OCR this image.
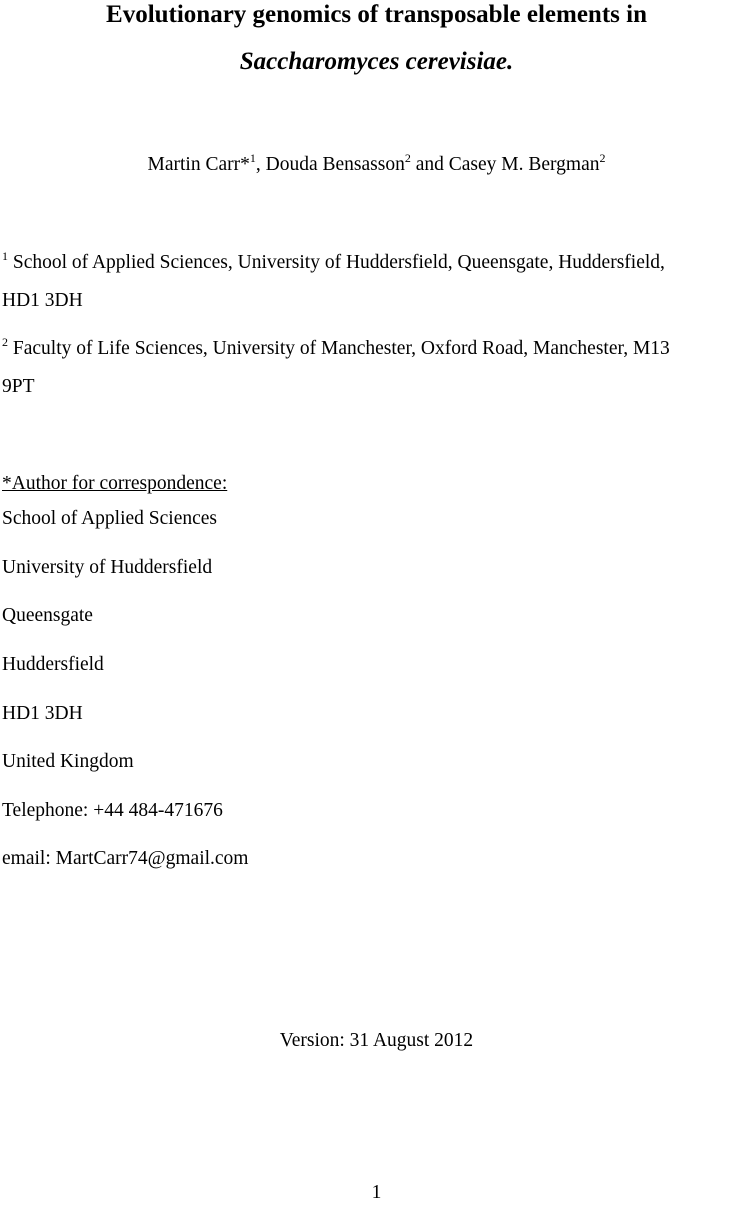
Evolutionary genomics of transposable elements in
Saccharomyces cerevisiae.
Martin Carr*$^1$, Douda Bensasson$^2$ and Casey M. Bergman$^2$
$^1$ School of Applied Sciences, University of Huddersfield, Queensgate, Huddersfield,
HD1 3DH
$^2$ Faculty of Life Sciences, University of Manchester, Oxford Road, Manchester, M13
9PT
*Author for correspondence:
School of Applied Sciences
University of Huddersfield
Queensgate
Huddersfield
HD1 3DH
United Kingdom
Telephone: +44 484-471676
email: MartCarr74@gmail.com
Version: 31 August 2012
1
